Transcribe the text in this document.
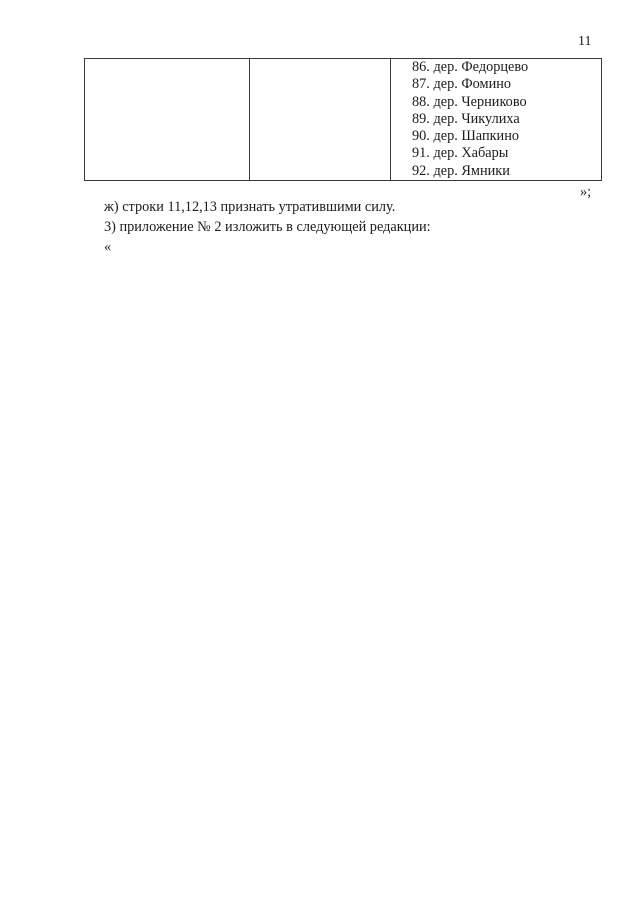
11

86. дер. Федорцево
87. дер. Фомино
88. дер. Черниково
89. дер. Чикулиха
90. дер. Шапкино
91. дер. Хабары
92. дер. Ямники
»;
ж) строки 11,12,13 признать утратившими силу.
3) приложение № 2 изложить в следующей редакции:
«
